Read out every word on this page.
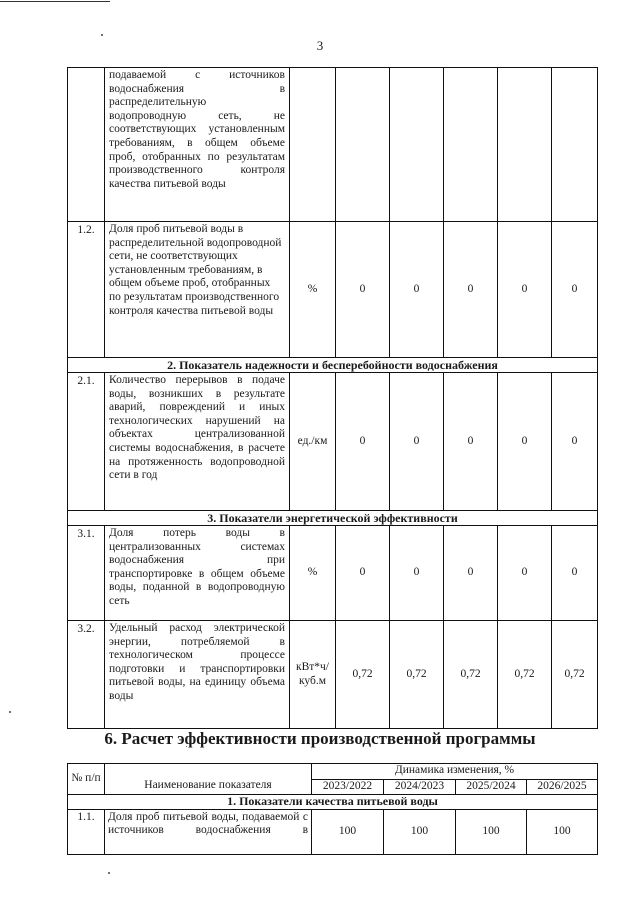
3
	подаваемой с источников водоснабжения в распределительную водопроводную сеть, не соответствующих установленным требованиям, в общем объеме проб, отобранных по результатам производственного контроля качества питьевой воды						
1.2.	Доля проб питьевой воды в распределительной водопроводной сети, не соответствующих установленным требованиям, в общем объеме проб, отобранных по результатам производственного контроля качества питьевой воды	%	0	0	0	0	0
2. Показатель надежности и бесперебойности водоснабжения							
2.1.	Количество перерывов в подаче воды, возникших в результате аварий, повреждений и иных технологических нарушений на объектах централизованной системы водоснабжения, в расчете на протяженность водопроводной сети в год	ед./км	0	0	0	0	0
3. Показатели энергетической эффективности							
3.1.	Доля потерь воды в централизованных системах водоснабжения при транспортировке в общем объеме воды, поданной в водопроводную сеть	%	0	0	0	0	0
3.2.	Удельный расход электрической энергии, потребляемой в технологическом процессе подготовки и транспортировки питьевой воды, на единицу объема воды	кВт*ч/ куб.м	0,72	0,72	0,72	0,72	0,72
6. Расчет эффективности производственной программы
№ п/п	Наименование показателя	Динамика изменения, %			
		2023/2022	2024/2023	2025/2024	2026/2025
1. Показатели качества питьевой воды					
1.1.	Доля проб питьевой воды, подаваемой с источников водоснабжения в	100	100	100	100
